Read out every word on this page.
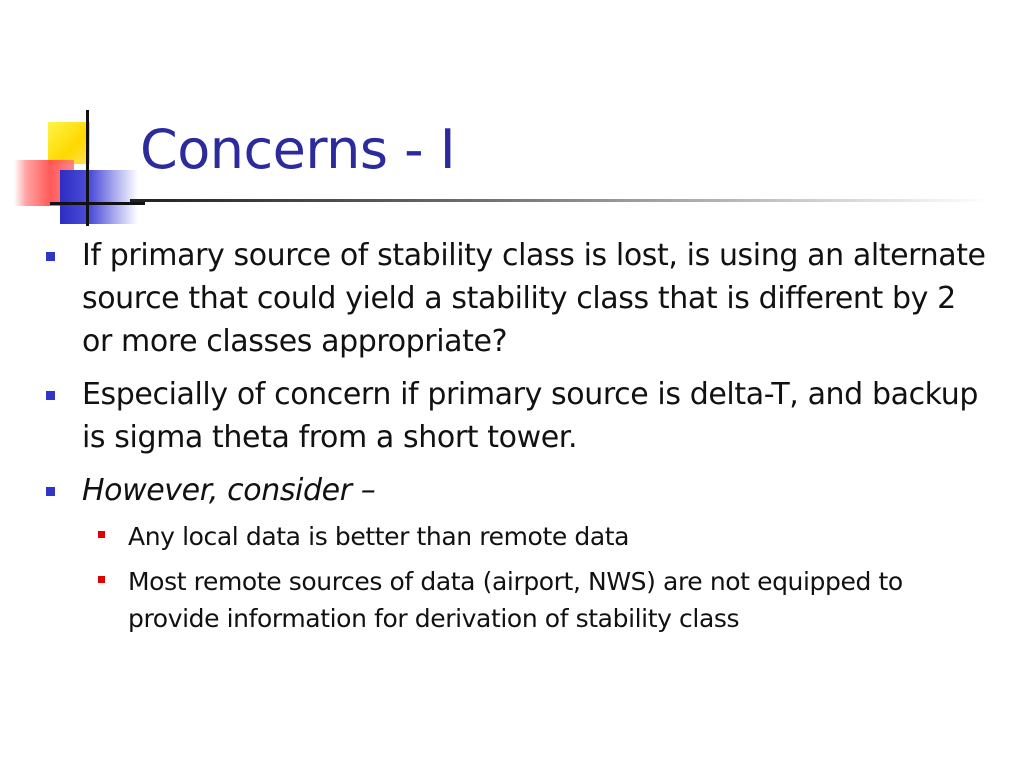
Concerns - I
If primary source of stability class is lost, is using an alternate source that could yield a stability class that is different by 2 or more classes appropriate?
Especially of concern if primary source is delta-T, and backup is sigma theta from a short tower.
However, consider –
Any local data is better than remote data
Most remote sources of data (airport, NWS) are not equipped to provide information for derivation of stability class
